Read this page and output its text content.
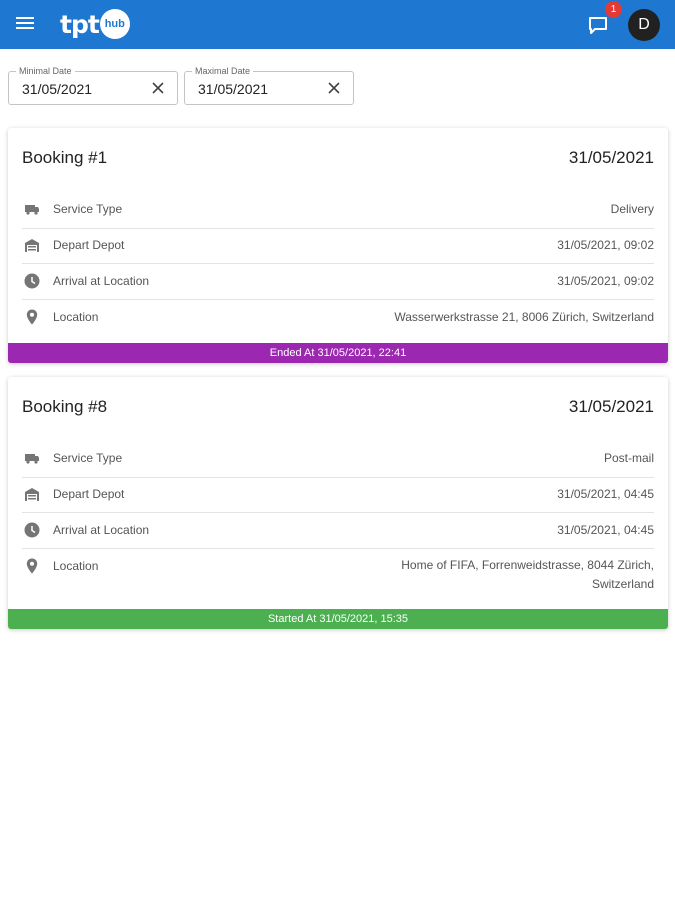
tpt hub
1
D
Minimal Date
31/05/2021
Maximal Date
31/05/2021
Booking #1	31/05/2021
Service Type	Delivery
Depart Depot	31/05/2021, 09:02
Arrival at Location	31/05/2021, 09:02
Location	Wasserwerkstrasse 21, 8006 Zürich, Switzerland
Ended At 31/05/2021, 22:41
Booking #8	31/05/2021
Service Type	Post-mail
Depart Depot	31/05/2021, 04:45
Arrival at Location	31/05/2021, 04:45
Location	Home of FIFA, Forrenweidstrasse, 8044 Zürich, Switzerland
Started At 31/05/2021, 15:35
